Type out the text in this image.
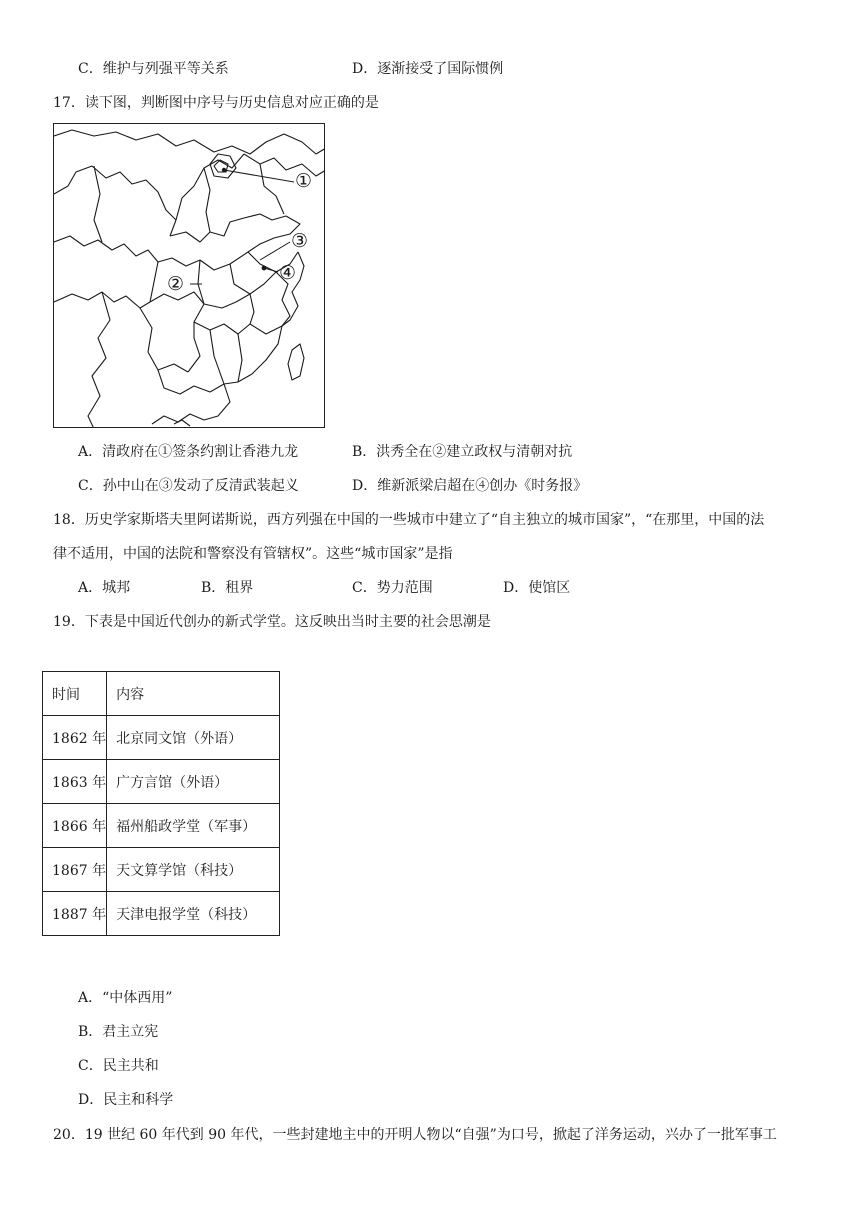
C．维护与列强平等关系	D．逐渐接受了国际惯例
17．读下图，判断图中序号与历史信息对应正确的是
①
②
③
④
A．清政府在①签条约割让香港九龙	B．洪秀全在②建立政权与清朝对抗
C．孙中山在③发动了反清武装起义	D．维新派梁启超在④创办《时务报》
18．历史学家斯塔夫里阿诺斯说，西方列强在中国的一些城市中建立了“自主独立的城市国家”，“在那里，中国的法
律不适用，中国的法院和警察没有管辖权”。这些“城市国家”是指
A．城邦	B．租界	C．势力范围	D．使馆区
19．下表是中国近代创办的新式学堂。这反映出当时主要的社会思潮是
时间	内容
1862 年	北京同文馆（外语）
1863 年	广方言馆（外语）
1866 年	福州船政学堂（军事）
1867 年	天文算学馆（科技）
1887 年	天津电报学堂（科技）
A．“中体西用”
B．君主立宪
C．民主共和
D．民主和科学
20．19 世纪 60 年代到 90 年代，一些封建地主中的开明人物以“自强”为口号，掀起了洋务运动，兴办了一批军事工
